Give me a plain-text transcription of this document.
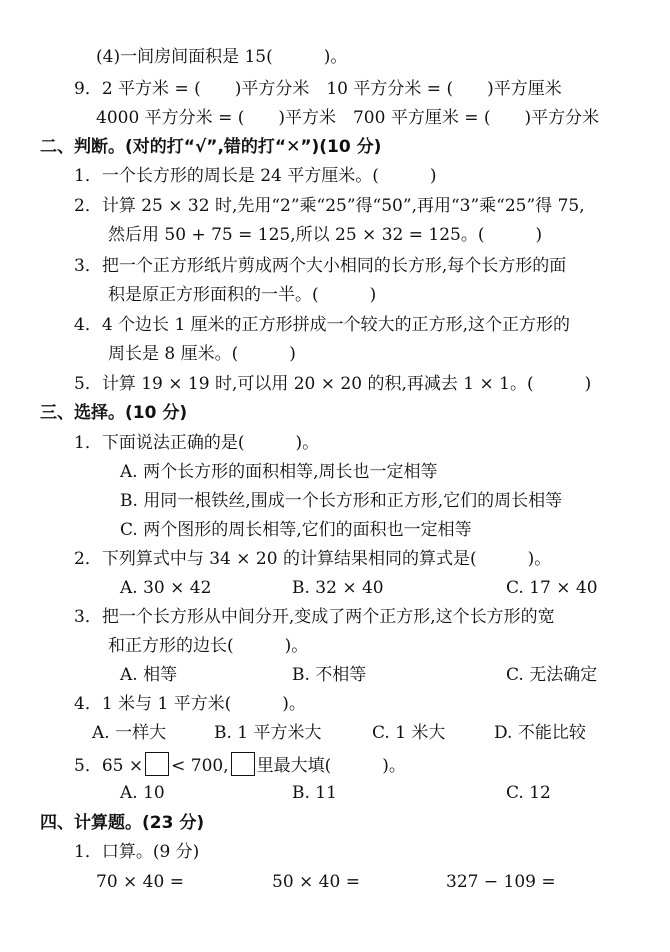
(4)一间房间面积是 15(　　　)。
9．2 平方米 = (　　)平方分米　10 平方分米 = (　　)平方厘米
4000 平方分米 = (　　)平方米　700 平方厘米 = (　　)平方分米
二、判断。(对的打“√”,错的打“✕”)(10 分)
1．一个长方形的周长是 24 平方厘米。(　　　)
2．计算 25 × 32 时,先用“2”乘“25”得“50”,再用“3”乘“25”得 75,
　　然后用 50 + 75 = 125,所以 25 × 32 = 125。(　　　)
3．把一个正方形纸片剪成两个大小相同的长方形,每个长方形的面
　　积是原正方形面积的一半。(　　　)
4．4 个边长 1 厘米的正方形拼成一个较大的正方形,这个正方形的
　　周长是 8 厘米。(　　　)
5．计算 19 × 19 时,可以用 20 × 20 的积,再减去 1 × 1。(　　　)
三、选择。(10 分)
1．下面说法正确的是(　　　)。
A. 两个长方形的面积相等,周长也一定相等
B. 用同一根铁丝,围成一个长方形和正方形,它们的周长相等
C. 两个图形的周长相等,它们的面积也一定相等
2．下列算式中与 34 × 20 的计算结果相同的算式是(　　　)。
A. 30 × 42	B. 32 × 40	C. 17 × 40
3．把一个长方形从中间分开,变成了两个正方形,这个长方形的宽
　　和正方形的边长(　　　)。
A. 相等	B. 不相等	C. 无法确定
4．1 米与 1 平方米(　　　)。
A. 一样大	B. 1 平方米大	C. 1 米大	D. 不能比较
5．65 × < 700, 里最大填(　　　)。
A. 10	B. 11	C. 12
四、计算题。(23 分)
1．口算。(9 分)
70 × 40 =	50 × 40 =	327 − 109 =
